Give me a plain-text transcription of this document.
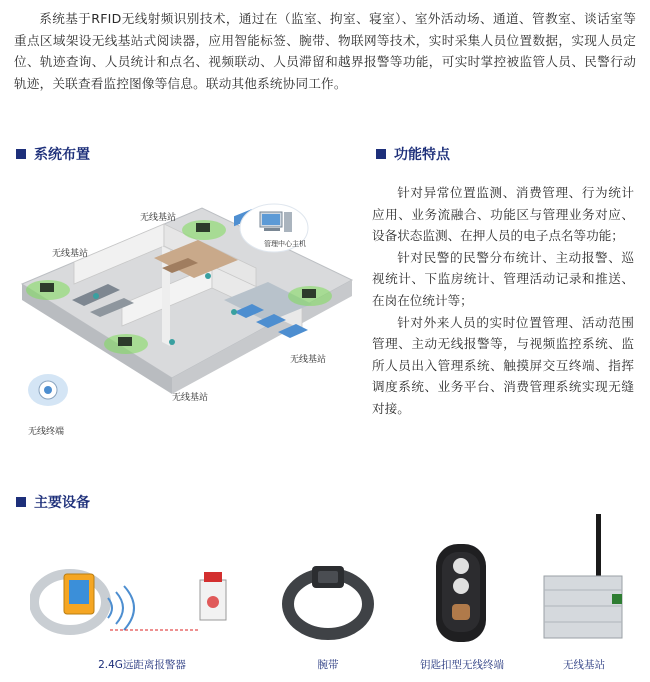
系统基于RFID无线射频识别技术，通过在（监室、拘室、寝室）、室外活动场、通道、管教室、谈话室等重点区域架设无线基站式阅读器，应用智能标签、腕带、物联网等技术，实时采集人员位置数据，实现人员定位、轨迹查询、人员统计和点名、视频联动、人员滞留和越界报警等功能，可实时掌控被监管人员、民警行动轨迹，关联查看监控图像等信息。联动其他系统协同工作。
系统布置	功能特点
无线基站
无线基站
无线基站
无线基站
无线终端
管理中心主机

针对异常位置监测、消费管理、行为统计应用、业务流融合、功能区与管理业务对应、设备状态监测、在押人员的电子点名等功能；

针对民警的民警分布统计、主动报警、巡视统计、下监房统计、管理活动记录和推送、在岗在位统计等；

针对外来人员的实时位置管理、活动范围管理、主动无线报警等，与视频监控系统、监所人员出入管理系统、触摸屏交互终端、指挥调度系统、业务平台、消费管理系统实现无缝对接。

主要设备
2.4G远距离报警器	腕带	钥匙扣型无线终端	无线基站
